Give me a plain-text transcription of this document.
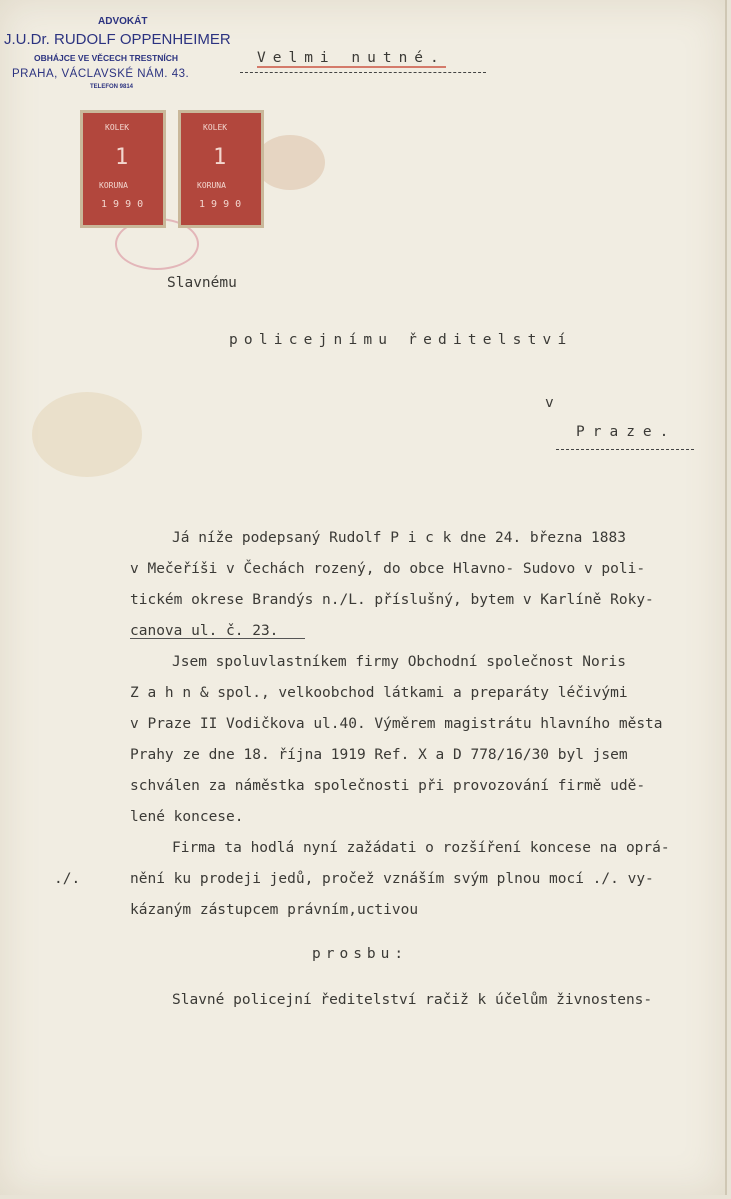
ADVOKÁT
J.U.Dr. RUDOLF OPPENHEIMER
OBHÁJCE VE VĚCECH TRESTNÍCH
PRAHA, VÁCLAVSKÉ NÁM. 43.
TELEFON 9814
Velmi nutné.
KOLEK
1
KORUNA
1 9 9 0
KOLEK
1
KORUNA
1 9 9 0
Slavnému
policejnímu ředitelství
v
Praze.
Já níže podepsaný Rudolf P i c k dne 24. března 1883
v Mečeříši v Čechách rozený, do obce Hlavno- Sudovo v poli-
tickém okrese Brandýs n./L. příslušný, bytem v Karlíně Roky-
canova ul. č. 23.
Jsem spoluvlastníkem firmy Obchodní společnost Noris
Z a h n & spol., velkoobchod látkami a preparáty léčivými
v Praze II Vodičkova ul.40. Výměrem magistrátu hlavního města
Prahy ze dne 18. října 1919 Ref. X a D 778/16/30 byl jsem
schválen za náměstka společnosti při provozování firmě udě-
lené koncese.
Firma ta hodlá nyní zažádati o rozšíření koncese na oprá-
./.	nění ku prodeji jedů, pročež vznáším svým plnou mocí ./. vy-
kázaným zástupcem právním,uctivou
prosbu:
Slavné policejní ředitelství račiž k účelům živnostens-
